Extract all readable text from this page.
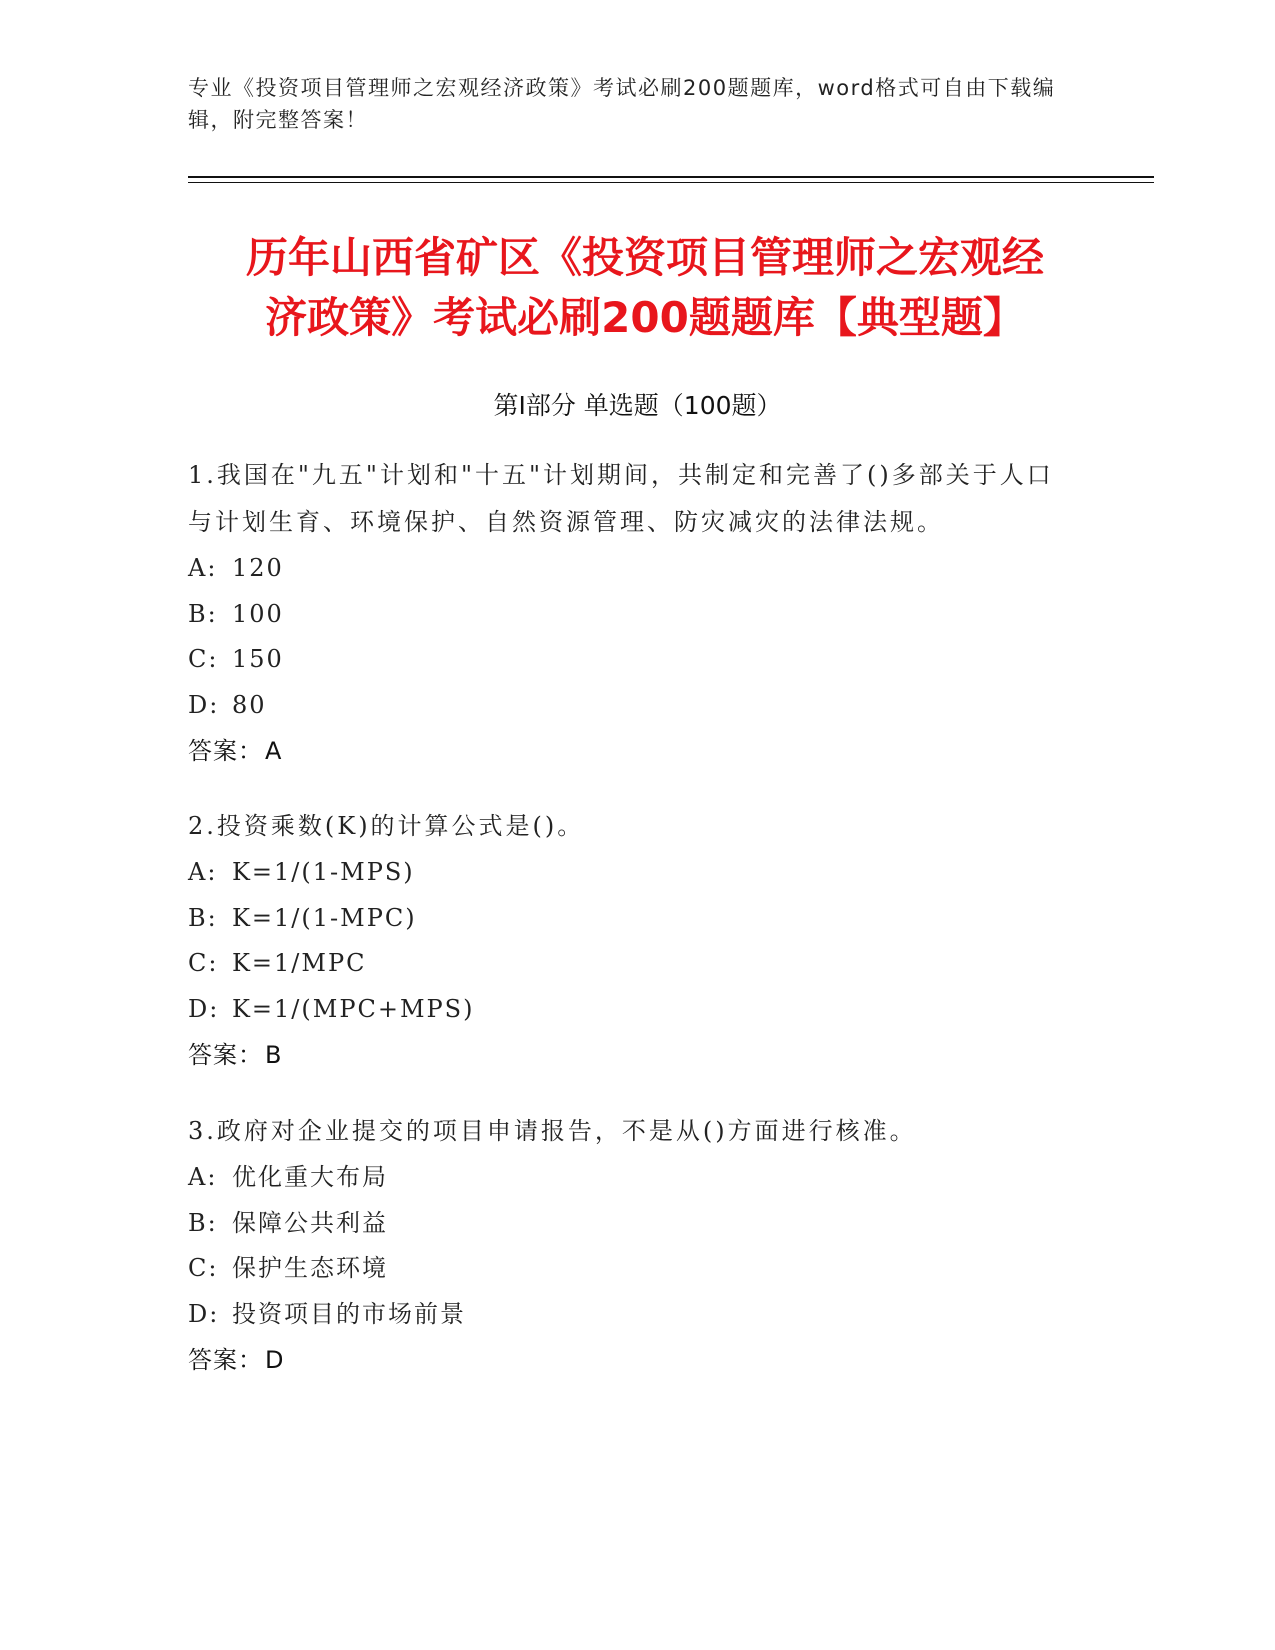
专业《投资项目管理师之宏观经济政策》考试必刷200题题库，word格式可自由下载编辑，附完整答案！
历年山西省矿区《投资项目管理师之宏观经
济政策》考试必刷200题题库【典型题】
第I部分 单选题（100题）
1.我国在"九五"计划和"十五"计划期间，共制定和完善了()多部关于人口与计划生育、环境保护、自然资源管理、防灾减灾的法律法规。
A: 120
B: 100
C: 150
D: 80
答案：A
2.投资乘数(K)的计算公式是()。
A: K=1/(1-MPS)
B: K=1/(1-MPC)
C: K=1/MPC
D: K=1/(MPC+MPS)
答案：B
3.政府对企业提交的项目申请报告，不是从()方面进行核准。
A: 优化重大布局
B: 保障公共利益
C: 保护生态环境
D: 投资项目的市场前景
答案：D
